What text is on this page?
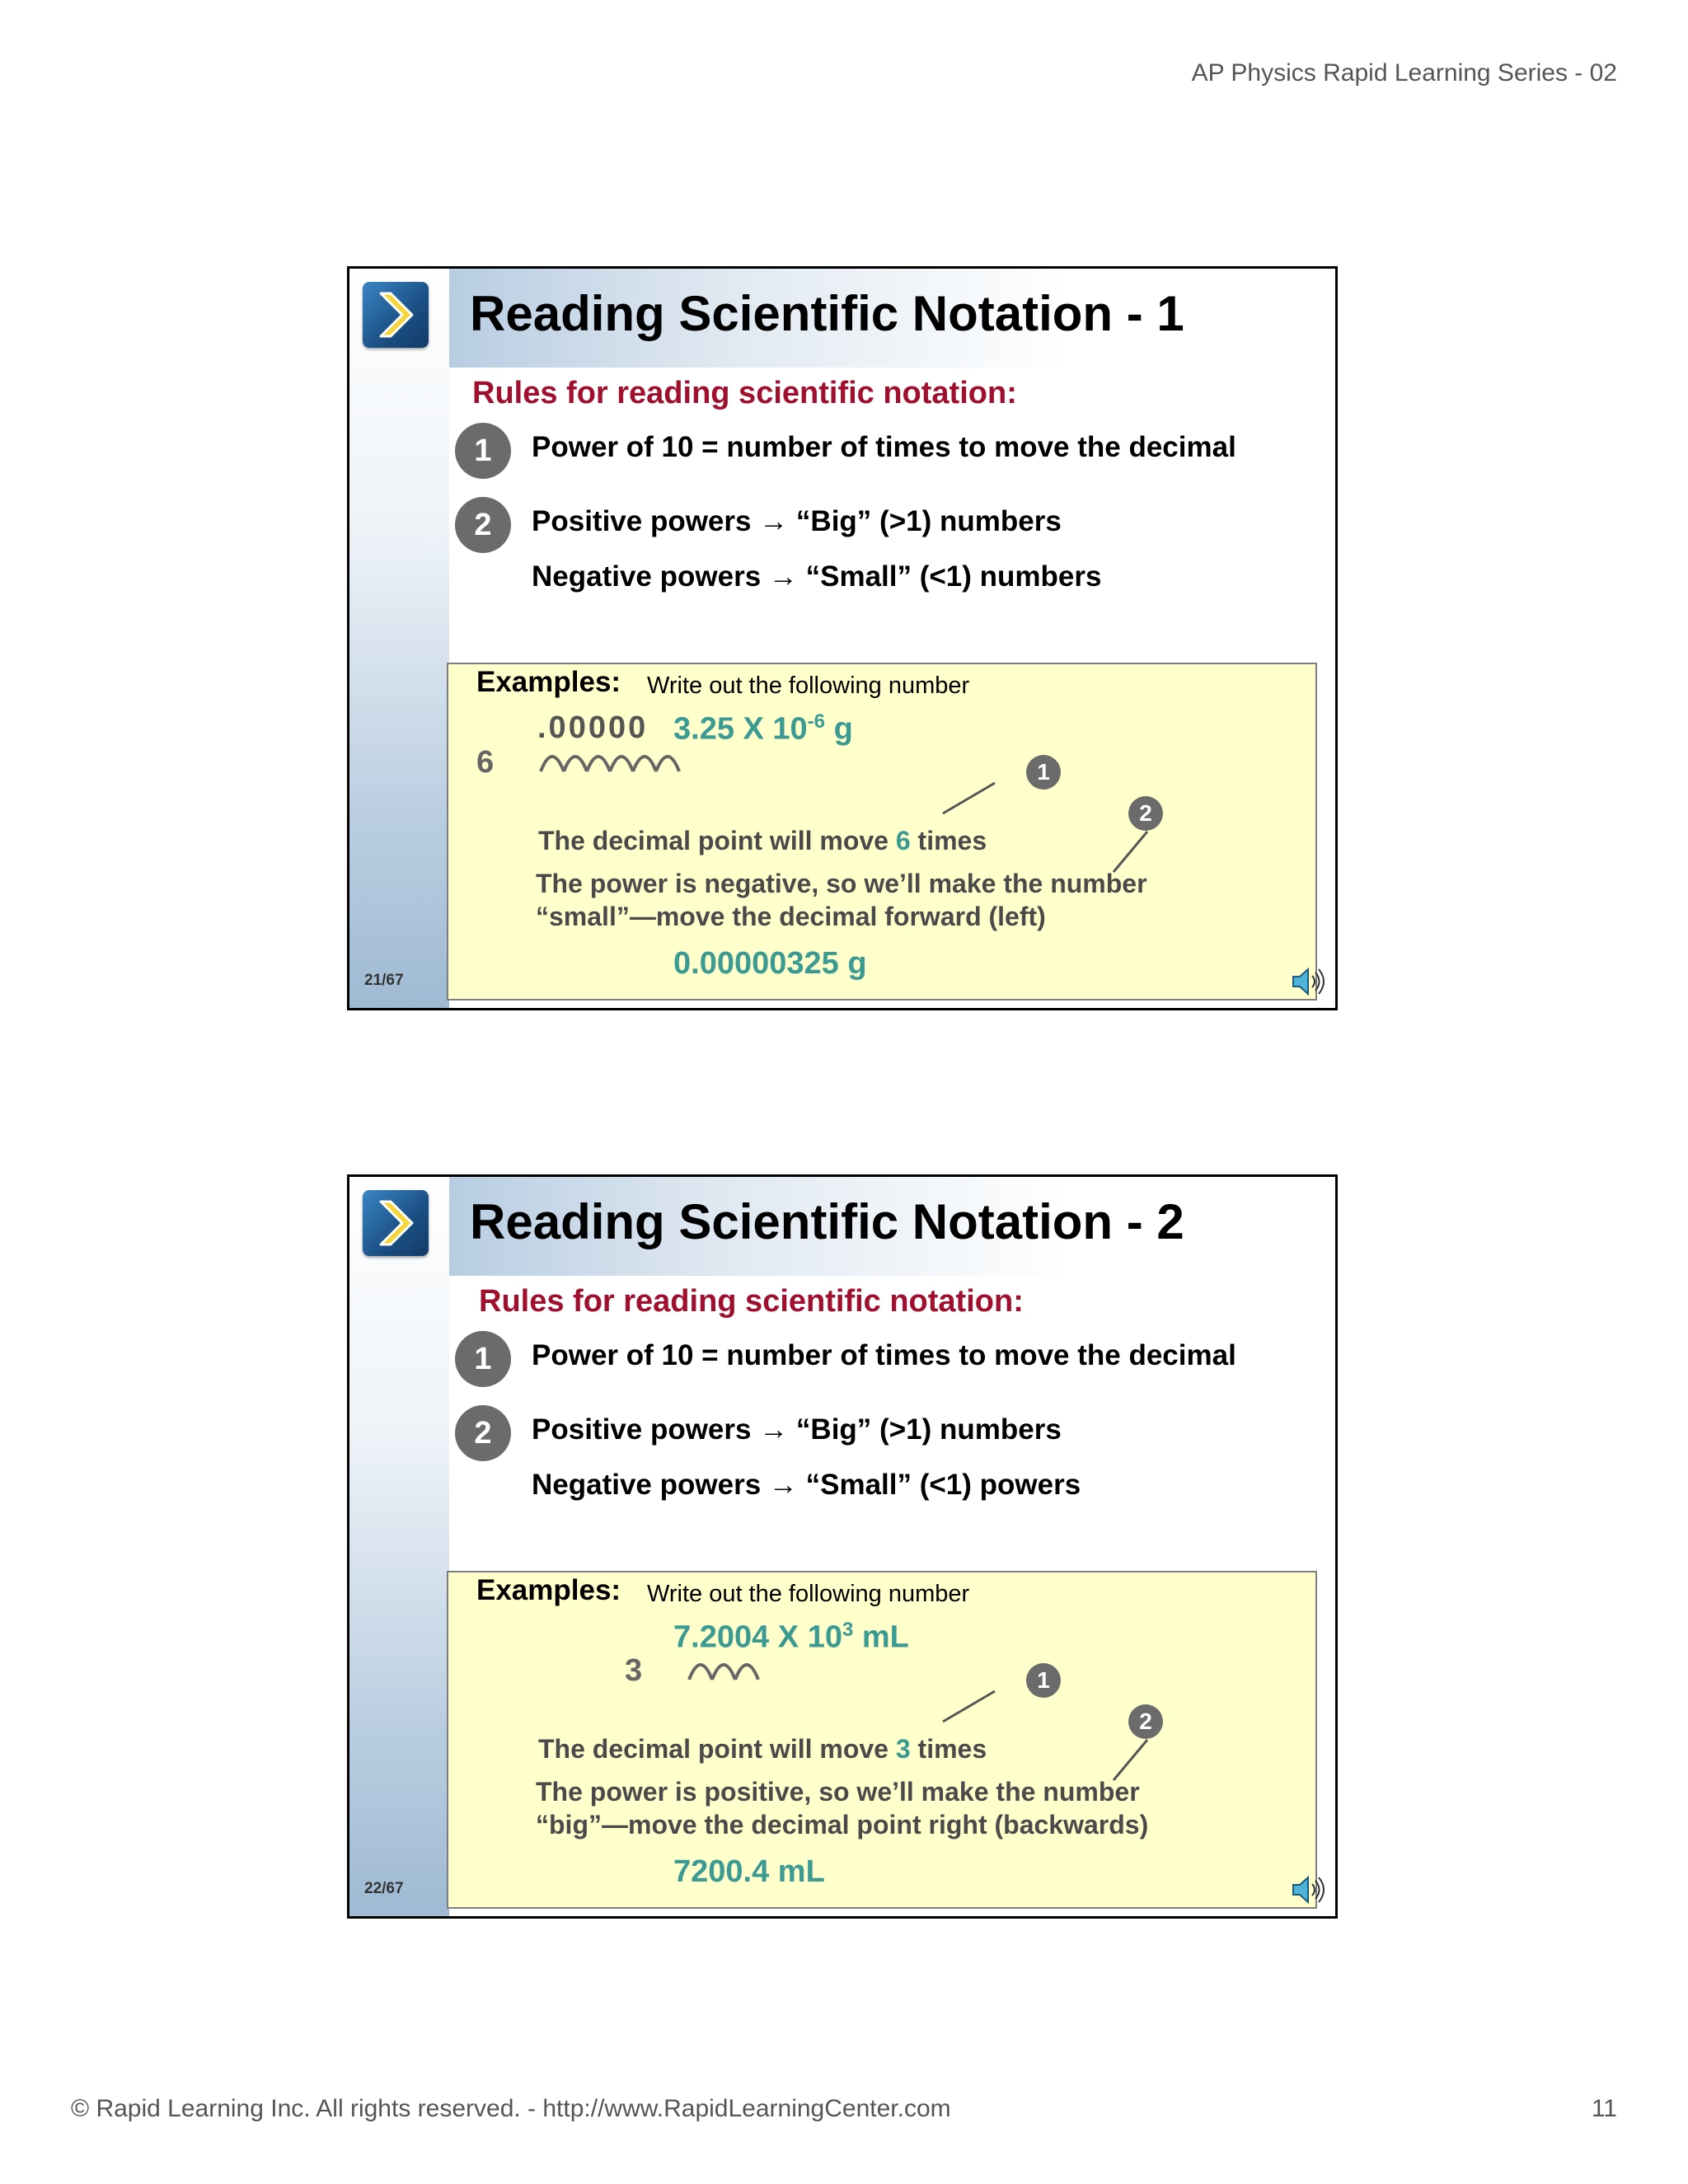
AP Physics Rapid Learning Series - 02
Reading Scientific Notation - 1
Rules for reading scientific notation:
1	Power of 10 = number of times to move the decimal
2	Positive powers → “Big” (>1) numbers
Negative powers → “Small” (<1) numbers
Examples: Write out the following number
.00000 3.25 X $10^{-6}$ g
6	1
2
The decimal point will move 6 times
The power is negative, so we’ll make the number
“small”—move the decimal forward (left)
0.00000325 g
21/67
Reading Scientific Notation - 2
Rules for reading scientific notation:
1	Power of 10 = number of times to move the decimal
2	Positive powers → “Big” (>1) numbers
Negative powers → “Small” (<1) powers
Examples: Write out the following number
7.2004 X $10^3$ mL
3	1
2
The decimal point will move 3 times
The power is positive, so we’ll make the number
“big”—move the decimal point right (backwards)
7200.4 mL
22/67
© Rapid Learning Inc. All rights reserved. - http://www.RapidLearningCenter.com	11
